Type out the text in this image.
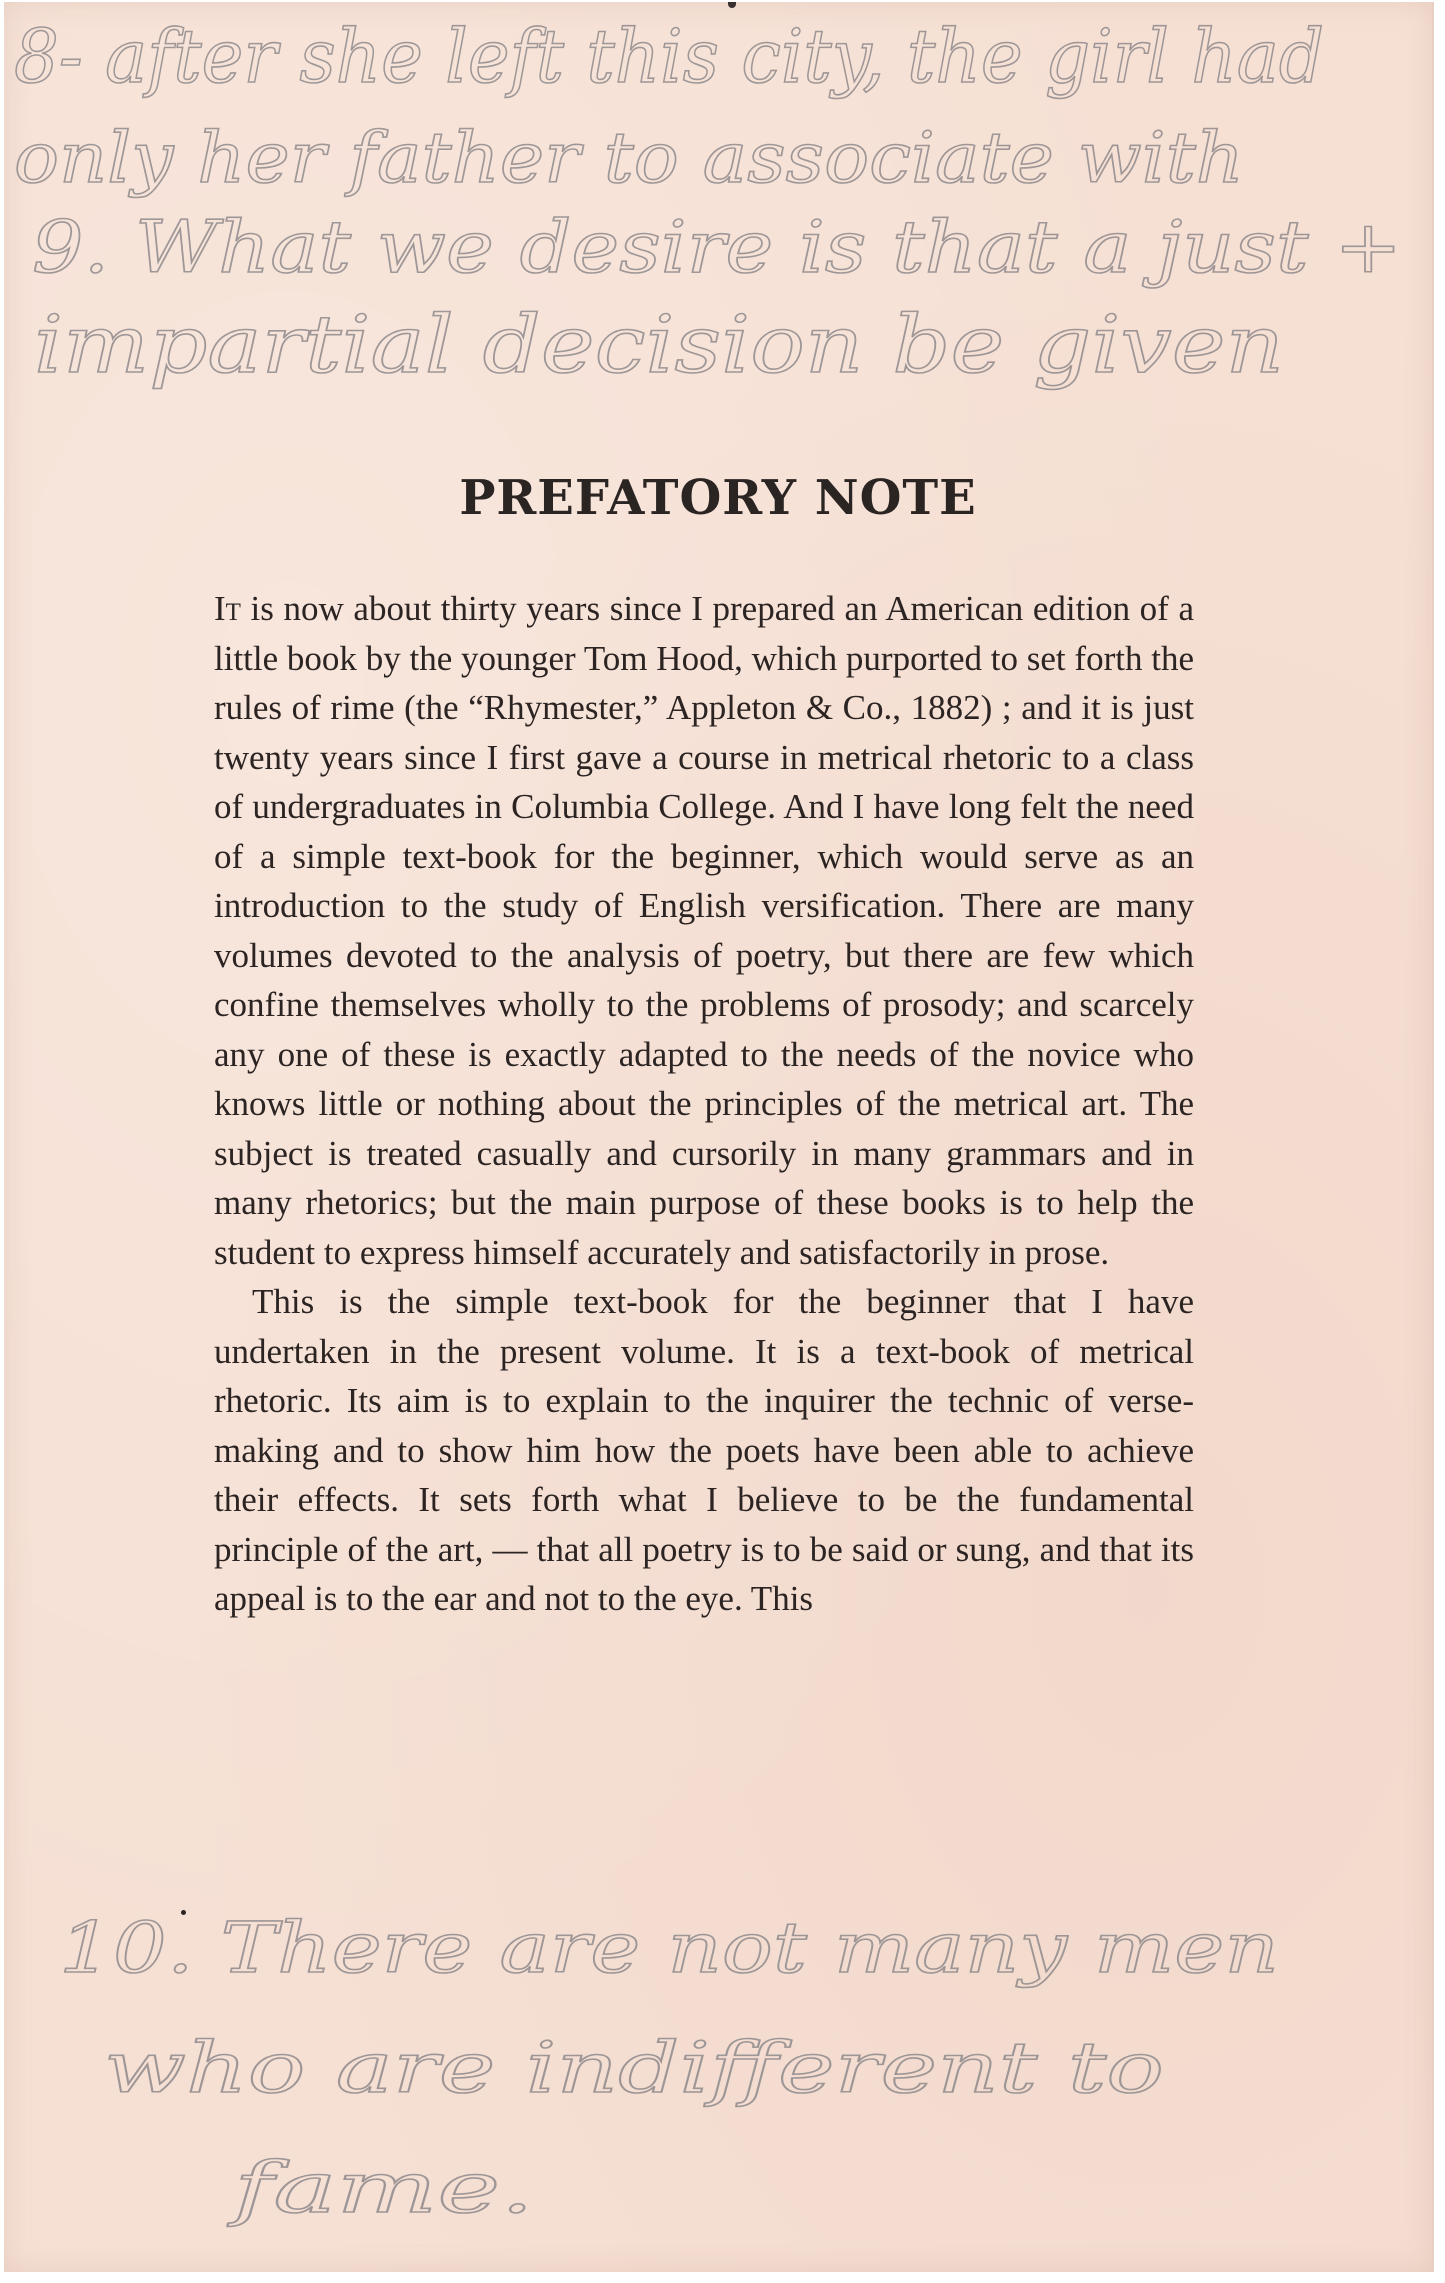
8- after she left this city, the girl had
only her father to associate with
9. What we desire is that a just +
impartial decision be given
PREFATORY NOTE

It is now about thirty years since I prepared an American edition of a little book by the younger Tom Hood, which purported to set forth the rules of rime (the “Rhymester,” Appleton & Co., 1882) ; and it is just twenty years since I first gave a course in metrical rhetoric to a class of undergraduates in Columbia College. And I have long felt the need of a simple text-book for the beginner, which would serve as an introduction to the study of English versification. There are many volumes devoted to the analysis of poetry, but there are few which confine themselves wholly to the problems of prosody; and scarcely any one of these is exactly adapted to the needs of the novice who knows little or nothing about the principles of the metrical art. The subject is treated casually and cursorily in many grammars and in many rhetorics; but the main purpose of these books is to help the student to express himself accurately and satisfactorily in prose.

This is the simple text-book for the beginner that I have undertaken in the present volume. It is a text-book of metrical rhetoric. Its aim is to explain to the inquirer the technic of verse-making and to show him how the poets have been able to achieve their effects. It sets forth what I believe to be the fundamental principle of the art, — that all poetry is to be said or sung, and that its appeal is to the ear and not to the eye. This

10. There are not many men
who are indifferent to
fame.
